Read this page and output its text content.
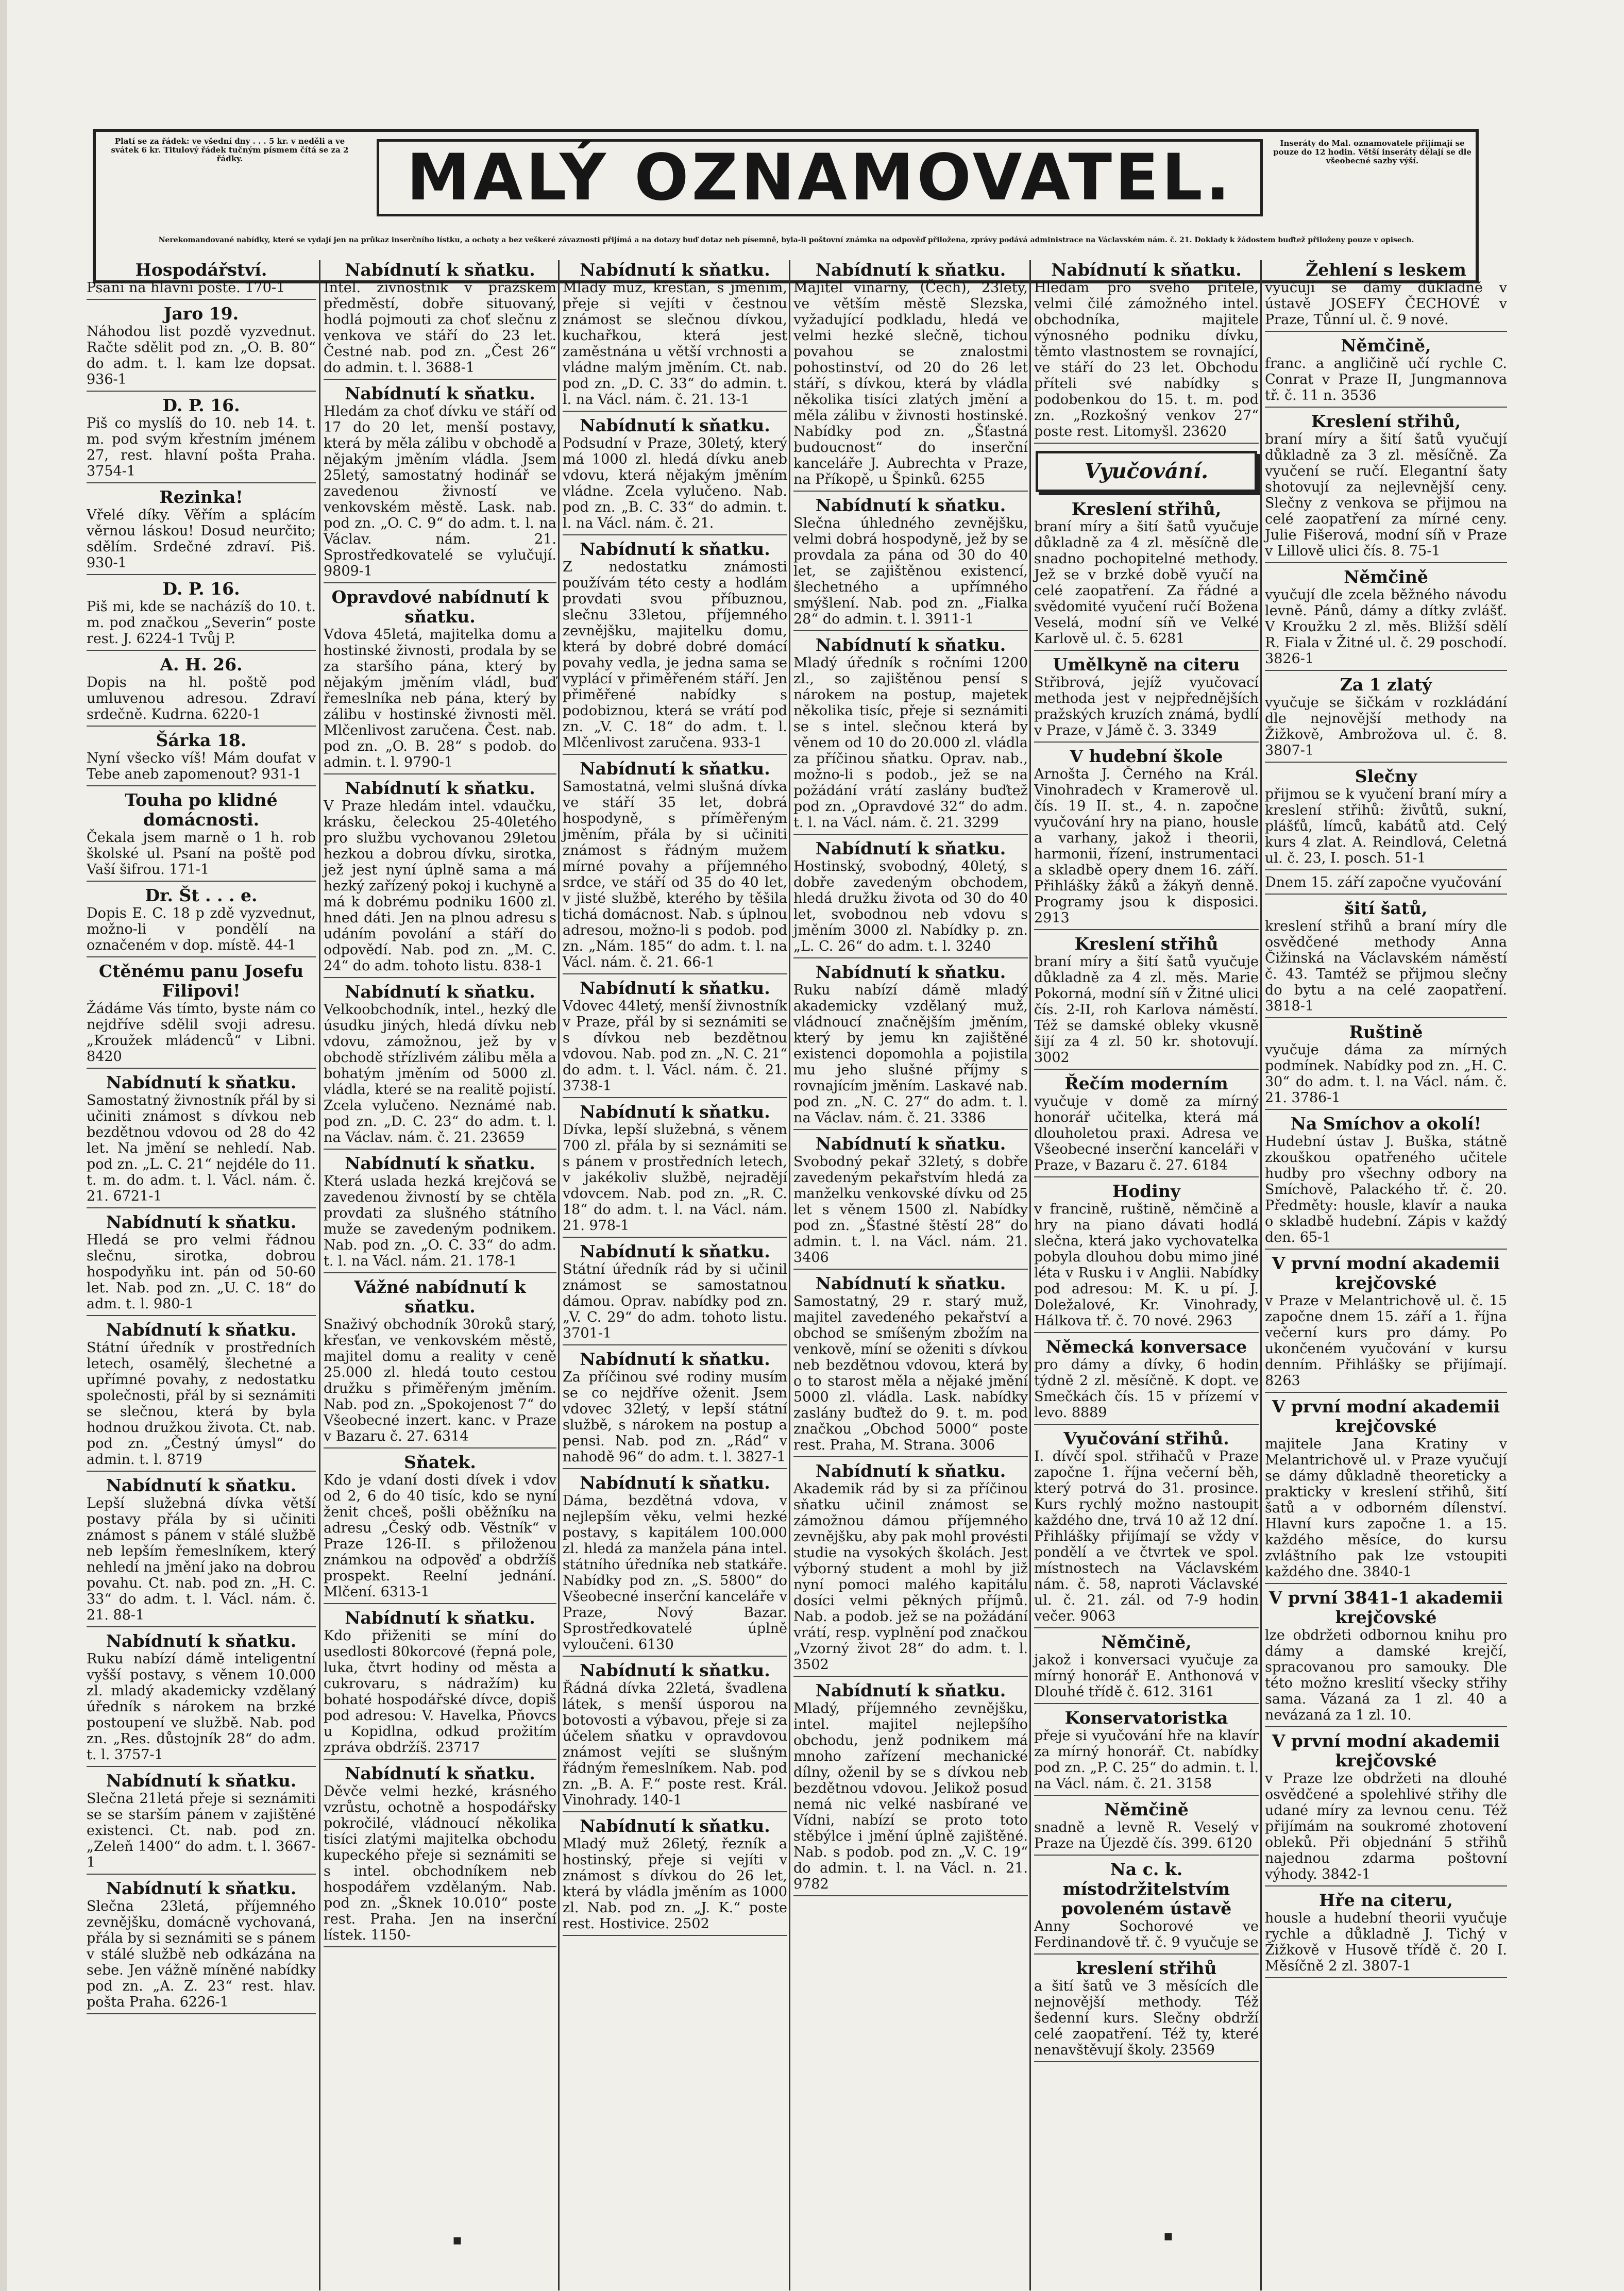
Platí se za řádek: ve všední dny . . . 5 kr. v neděli a ve svátek 6 kr. Titulový řádek tučným písmem čítá se za 2 řádky.	MALÝ OZNAMOVATEL.	Inseráty do Mal. oznamovatele přijímají se pouze do 12 hodin. Větší inseráty dělají se dle všeobecné sazby výší.
Nerekomandované nabídky, které se vydají jen na průkaz inserčního lístku, a ochoty a bez veškeré závaznosti přijímá a na dotazy buď dotaz neb písemně, byla-li poštovní známka na odpověď přiložena, zprávy podává administrace na Václavském nám. č. 21. Doklady k žádostem buďtež přiloženy pouze v opisech.
Hospodářství.
Psaní na hlavní poště. 170-1
Jaro 19.
Náhodou list pozdě vyzvednut. Račte sdělit pod zn. „O. B. 80“ do adm. t. l. kam lze dopsat. 936-1
D. P. 16.
Piš co myslíš do 10. neb 14. t. m. pod svým křestním jménem 27, rest. hlavní pošta Praha. 3754-1
Rezinka!
Vřelé díky. Věřím a splácím věrnou láskou! Dosud neurčito; sdělím. Srdečné zdraví. Piš. 930-1
D. P. 16.
Piš mi, kde se nacházíš do 10. t. m. pod značkou „Severin“ poste rest. J. 6224-1 Tvůj P.
A. H. 26.
Dopis na hl. poště pod umluvenou adresou. Zdraví srdečně. Kudrna. 6220-1
Šárka 18.
Nyní všecko víš! Mám doufat v Tebe aneb zapomenout? 931-1
Touha po klidné domácnosti.
Čekala jsem marně o 1 h. rob školské ul. Psaní na poště pod Vaší šifrou. 171-1
Dr. Št . . . e.
Dopis E. C. 18 p zdě vyzvednut, možno-li v pondělí na označeném v dop. místě. 44-1
Ctěnému panu Josefu Filipovi!
Žádáme Vás tímto, byste nám co nejdříve sdělil svoji adresu. „Kroužek mládenců“ v Libni. 8420
Nabídnutí k sňatku.
Samostatný živnostník přál by si učiniti známost s dívkou neb bezdětnou vdovou od 28 do 42 let. Na jmění se nehledí. Nab. pod zn. „L. C. 21“ nejdéle do 11. t. m. do adm. t. l. Václ. nám. č. 21. 6721-1
Nabídnutí k sňatku.
Hledá se pro velmi řádnou slečnu, sirotka, dobrou hospodyňku int. pán od 50-60 let. Nab. pod zn. „U. C. 18“ do adm. t. l. 980-1
Nabídnutí k sňatku.
Státní úředník v prostředních letech, osamělý, šlechetné a upřímné povahy, z nedostatku společnosti, přál by si seznámiti se slečnou, která by byla hodnou družkou života. Ct. nab. pod zn. „Čestný úmysl“ do admin. t. l. 8719
Nabídnutí k sňatku.
Lepší služebná dívka větší postavy přála by si učiniti známost s pánem v stálé službě neb lepším řemeslníkem, který nehledí na jmění jako na dobrou povahu. Ct. nab. pod zn. „H. C. 33“ do adm. t. l. Václ. nám. č. 21. 88-1
Nabídnutí k sňatku.
Ruku nabízí dámě inteligentní vyšší postavy, s věnem 10.000 zl. mladý akademicky vzdělaný úředník s nárokem na brzké postoupení ve službě. Nab. pod zn. „Res. důstojník 28“ do adm. t. l. 3757-1
Nabídnutí k sňatku.
Slečna 21letá přeje si seznámiti se se starším pánem v zajištěné existenci. Ct. nab. pod zn. „Zeleň 1400“ do adm. t. l. 3667-1
Nabídnutí k sňatku.
Slečna 23letá, příjemného zevnějšku, domácně vychovaná, přála by si seznámiti se s pánem v stálé službě neb odkázána na sebe. Jen vážně míněné nabídky pod zn. „A. Z. 23“ rest. hlav. pošta Praha. 6226-1
Nabídnutí k sňatku.
Intel. živnostník v pražském předměstí, dobře situovaný, hodlá pojmouti za choť slečnu z venkova ve stáří do 23 let. Čestné nab. pod zn. „Čest 26“ do admin. t. l. 3688-1
Nabídnutí k sňatku.
Hledám za choť dívku ve stáří od 17 do 20 let, menší postavy, která by měla zálibu v obchodě a nějakým jměním vládla. Jsem 25letý, samostatný hodinář se zavedenou živností ve venkovském městě. Lask. nab. pod zn. „O. C. 9“ do adm. t. l. na Václav. nám. 21. Sprostředkovatelé se vylučují. 9809-1
Opravdové nabídnutí k sňatku.
Vdova 45letá, majitelka domu a hostinské živnosti, prodala by se za staršího pána, který by nějakým jměním vládl, buď řemeslníka neb pána, který by zálibu v hostinské živnosti měl. Mlčenlivost zaručena. Čest. nab. pod zn. „O. B. 28“ s podob. do admin. t. l. 9790-1
Nabídnutí k sňatku.
V Praze hledám intel. vdaučku, krásku, čeleckou 25-40letého pro službu vychovanou 29letou hezkou a dobrou dívku, sirotka, jež jest nyní úplně sama a má hezký zařízený pokoj i kuchyně a má k dobrému podniku 1600 zl. hned dáti. Jen na plnou adresu s udáním povolání a stáří do odpovědí. Nab. pod zn. „M. C. 24“ do adm. tohoto listu. 838-1
Nabídnutí k sňatku.
Velkoobchodník, intel., hezký dle úsudku jiných, hledá dívku neb vdovu, zámožnou, jež by v obchodě střízlivém zálibu měla a bohatým jměním od 5000 zl. vládla, které se na realitě pojistí. Zcela vylučeno. Neznámé nab. pod zn. „D. C. 23“ do adm. t. l. na Václav. nám. č. 21. 23659
Nabídnutí k sňatku.
Která uslada hezká krejčová se zavedenou živností by se chtěla provdati za slušného státního muže se zavedeným podnikem. Nab. pod zn. „O. C. 33“ do adm. t. l. na Václ. nám. 21. 178-1
Vážné nabídnutí k sňatku.
Snaživý obchodník 30roků starý, křesťan, ve venkovském městě, majitel domu a reality v ceně 25.000 zl. hledá touto cestou družku s přiměřeným jměním. Nab. pod zn. „Spokojenost 7“ do Všeobecné inzert. kanc. v Praze v Bazaru č. 27. 6314
Sňatek.
Kdo je vdaní dosti dívek i vdov od 2, 6 do 40 tisíc, kdo se nyní ženit chceš, pošli oběžníku na adresu „Český odb. Věstník“ v Praze 126-II. s přiloženou známkou na odpověď a obdržíš prospekt. Reelní jednání. Mlčení. 6313-1
Nabídnutí k sňatku.
Kdo přiženiti se míní do usedlosti 80korcové (řepná pole, luka, čtvrt hodiny od města a cukrovaru, s nádražím) ku bohaté hospodářské dívce, dopiš pod adresou: V. Havelka, Pňovcs u Kopidlna, odkud prožitím zpráva obdržíš. 23717
Nabídnutí k sňatku.
Děvče velmi hezké, krásného vzrůstu, ochotně a hospodářsky pokročilé, vládnoucí několika tisíci zlatými majitelka obchodu kupeckého přeje si seznámiti se s intel. obchodníkem neb hospodářem vzdělaným. Nab. pod zn. „Šknek 10.010“ poste rest. Praha. Jen na inserční lístek. 1150-
Nabídnutí k sňatku.
Mladý muž, křesťan, s jměním, přeje si vejíti v čestnou známost se slečnou dívkou, kuchařkou, která jest zaměstnána u větší vrchnosti a vládne malým jměním. Ct. nab. pod zn. „D. C. 33“ do admin. t. l. na Václ. nám. č. 21. 13-1
Nabídnutí k sňatku.
Podsudní v Praze, 30letý, který má 1000 zl. hledá dívku aneb vdovu, která nějakým jměním vládne. Zcela vylučeno. Nab. pod zn. „B. C. 33“ do admin. t. l. na Václ. nám. č. 21.
Nabídnutí k sňatku.
Z nedostatku známosti používám této cesty a hodlám provdati svou příbuznou, slečnu 33letou, příjemného zevnějšku, majitelku domu, která by dobré dobré domácí povahy vedla, je jedna sama se vyplácí v přiměřeném stáří. Jen přiměřené nabídky s podobiznou, která se vrátí pod zn. „V. C. 18“ do adm. t. l. Mlčenlivost zaručena. 933-1
Nabídnutí k sňatku.
Samostatná, velmi slušná dívka ve stáří 35 let, dobrá hospodyně, s příměřeným jměním, přála by si učiniti známost s řádným mužem mírné povahy a příjemného srdce, ve stáří od 35 do 40 let, v jisté službě, kterého by těšila tichá domácnost. Nab. s úplnou adresou, možno-li s podob. pod zn. „Nám. 185“ do adm. t. l. na Václ. nám. č. 21. 66-1
Nabídnutí k sňatku.
Vdovec 44letý, menší živnostník v Praze, přál by si seznámiti se s dívkou neb bezdětnou vdovou. Nab. pod zn. „N. C. 21“ do adm. t. l. Václ. nám. č. 21. 3738-1
Nabídnutí k sňatku.
Dívka, lepší služebná, s věnem 700 zl. přála by si seznámiti se s pánem v prostředních letech, v jakékoliv službě, nejradějí vdovcem. Nab. pod zn. „R. C. 18“ do adm. t. l. na Václ. nám. 21. 978-1
Nabídnutí k sňatku.
Státní úředník rád by si učinil známost se samostatnou dámou. Oprav. nabídky pod zn. „V. C. 29“ do adm. tohoto listu. 3701-1
Nabídnutí k sňatku.
Za příčinou své rodiny musím se co nejdříve oženit. Jsem vdovec 32letý, v lepší státní službě, s nárokem na postup a pensi. Nab. pod zn. „Rád“ v nahodě 96“ do adm. t. l. 3827-1
Nabídnutí k sňatku.
Dáma, bezdětná vdova, v nejlepším věku, velmi hezké postavy, s kapitálem 100.000 zl. hledá za manžela pána intel. státního úředníka neb statkáře. Nabídky pod zn. „S. 5800“ do Všeobecné inserční kanceláře v Praze, Nový Bazar. Sprostředkovatelé úplně vyloučeni. 6130
Nabídnutí k sňatku.
Řádná dívka 22letá, švadlena látek, s menší úsporou na botovosti a výbavou, přeje si za účelem sňatku v opravdovou známost vejíti se slušným řádným řemeslníkem. Nab. pod zn. „B. A. F.“ poste rest. Král. Vinohrady. 140-1
Nabídnutí k sňatku.
Mladý muž 26letý, řezník a hostinský, přeje si vejíti v známost s dívkou do 26 let, která by vládla jměním as 1000 zl. Nab. pod zn. „J. K.“ poste rest. Hostivice. 2502
Nabídnutí k sňatku.
Majitel vinárny, (Čech), 23letý, ve větším městě Slezska, vyžadující podkladu, hledá ve velmi hezké slečně, tichou povahou se znalostmi pohostinství, od 20 do 26 let stáří, s dívkou, která by vládla několika tisíci zlatých jmění a měla zálibu v živnosti hostinské. Nabídky pod zn. „Šťastná budoucnost“ do inserční kanceláře J. Aubrechta v Praze, na Příkopě, u Špinků. 6255
Nabídnutí k sňatku.
Slečna úhledného zevnějšku, velmi dobrá hospodyně, jež by se provdala za pána od 30 do 40 let, se zajištěnou existencí, šlechetného a upřímného smýšlení. Nab. pod zn. „Fialka 28“ do admin. t. l. 3911-1
Nabídnutí k sňatku.
Mladý úředník s ročními 1200 zl., so zajištěnou pensí s nárokem na postup, majetek několika tisíc, přeje si seznámiti se s intel. slečnou která by věnem od 10 do 20.000 zl. vládla za příčinou sňatku. Oprav. nab., možno-li s podob., jež se na požádání vrátí zaslány buďtež pod zn. „Opravdové 32“ do adm. t. l. na Václ. nám. č. 21. 3299
Nabídnutí k sňatku.
Hostinský, svobodný, 40letý, s dobře zavedeným obchodem, hledá družku života od 30 do 40 let, svobodnou neb vdovu s jměním 3000 zl. Nabídky p. zn. „L. C. 26“ do adm. t. l. 3240
Nabídnutí k sňatku.
Ruku nabízí dámě mladý akademicky vzdělaný muž, vládnoucí značnějším jměním, který by jemu kn zajištěné existenci dopomohla a pojistila mu jeho slušné příjmy s rovnajícím jměním. Laskavé nab. pod zn. „N. C. 27“ do adm. t. l. na Václav. nám. č. 21. 3386
Nabídnutí k sňatku.
Svobodný pekař 32letý, s dobře zavedeným pekařstvím hledá za manželku venkovské dívku od 25 let s věnem 1500 zl. Nabídky pod zn. „Šťastné štěstí 28“ do admin. t. l. na Václ. nám. 21. 3406
Nabídnutí k sňatku.
Samostatný, 29 r. starý muž, majitel zavedeného pekařství a obchod se smíšeným zbožím na venkově, míní se oženiti s dívkou neb bezdětnou vdovou, která by o to starost měla a nějaké jmění 5000 zl. vládla. Lask. nabídky zaslány buďtež do 9. t. m. pod značkou „Obchod 5000“ poste rest. Praha, M. Strana. 3006
Nabídnutí k sňatku.
Akademik rád by si za příčinou sňatku učinil známost se zámožnou dámou příjemného zevnějšku, aby pak mohl provésti studie na vysokých školách. Jest výborný student a mohl by již nyní pomoci malého kapitálu dosíci velmi pěkných příjmů. Nab. a podob. jež se na požádání vrátí, resp. vyplnění pod značkou „Vzorný život 28“ do adm. t. l. 3502
Nabídnutí k sňatku.
Mladý, příjemného zevnějšku, intel. majitel nejlepšího obchodu, jenž podnikem má mnoho zařízení mechanické dílny, oženil by se s dívkou neb bezdětnou vdovou. Jelikož posud nemá nic velké nasbírané ve Vídni, nabízí se proto toto stěbýlce i jmění úplně zajištěné. Nab. s podob. pod zn. „V. C. 19“ do admin. t. l. na Václ. n. 21. 9782
Nabídnutí k sňatku.
Hledám pro svého přítele, velmi čilé zámožného intel. obchodníka, majitele výnosného podniku dívku, těmto vlastnostem se rovnající, ve stáří do 23 let. Obchodu příteli své nabídky s podobenkou do 15. t. m. pod zn. „Rozkošný venkov 27“ poste rest. Litomyšl. 23620
Vyučování.
Kreslení střihů,
braní míry a šití šatů vyučuje důkladně za 4 zl. měsíčně dle snadno pochopitelné methody. Jež se v brzké době vyučí na celé zaopatření. Za řádné a svědomité vyučení ručí Božena Veselá, modní síň ve Velké Karlově ul. č. 5. 6281
Umělkyně na citeru
Střibrová, jejíž vyučovací methoda jest v nejpřednějších pražských kruzích známá, bydlí v Praze, v Jámě č. 3. 3349
V hudební škole
Arnošta J. Černého na Král. Vinohradech v Kramerově ul. čís. 19 II. st., 4. n. započne vyučování hry na piano, housle a varhany, jakož i theorii, harmonii, řízení, instrumentaci a skladbě opery dnem 16. září. Přihlášky žáků a žákyň denně. Programy jsou k disposici. 2913
Kreslení střihů
braní míry a šití šatů vyučuje důkladně za 4 zl. měs. Marie Pokorná, modní síň v Žitné ulici čís. 2-II, roh Karlova náměstí. Též se damské obleky vkusně šijí za 4 zl. 50 kr. shotovují. 3002
Řečím moderním
vyučuje v domě za mírný honorář učitelka, která má dlouholetou praxi. Adresa ve Všeobecné inserční kanceláři v Praze, v Bazaru č. 27. 6184
Hodiny
v francině, ruštině, němčině a hry na piano dávati hodlá slečna, která jako vychovatelka pobyla dlouhou dobu mimo jiné léta v Rusku i v Anglii. Nabídky pod adresou: M. K. u pí. J. Doležalové, Kr. Vinohrady, Hálkova tř. č. 70 nové. 2963
Německá konversace
pro dámy a dívky, 6 hodin týdně 2 zl. měsíčně. K dopt. ve Smečkách čís. 15 v přízemí v levo. 8889
Vyučování střihů.
I. dívčí spol. střihačů v Praze započne 1. října večerní běh, který potrvá do 31. prosince. Kurs rychlý možno nastoupit každého dne, trvá 10 až 12 dní. Přihlášky přijímají se vždy v pondělí a ve čtvrtek ve spol. místnostech na Václavském nám. č. 58, naproti Václavské ul. č. 21. zál. od 7-9 hodin večer. 9063
Němčině,
jakož i konversaci vyučuje za mírný honorář E. Anthonová v Dlouhé třídě č. 612. 3161
Konservatoristka
přeje si vyučování hře na klavír za mírný honorář. Ct. nabídky pod zn. „P. C. 25“ do admin. t. l. na Václ. nám. č. 21. 3158
Němčině
snadně a levně R. Veselý v Praze na Újezdě čís. 399. 6120
Na c. k. místodržitelstvím povoleném ústavě
Anny Sochorové ve Ferdinandově tř. č. 9 vyučuje se
kreslení střihů
a šití šatů ve 3 měsících dle nejnovější methody. Též šedenní kurs. Slečny obdrží celé zaopatření. Též ty, které nenavštěvují školy. 23569
Žehlení s leskem
vyučují se dámy důkladně v ústavě JOSEFY ČECHOVÉ v Praze, Tůnní ul. č. 9 nové.
Němčině,
franc. a angličině učí rychle C. Conrat v Praze II, Jungmannova tř. č. 11 n. 3536
Kreslení střihů,
braní míry a šití šatů vyučují důkladně za 3 zl. měsíčně. Za vyučení se ručí. Elegantní šaty shotovují za nejlevnější ceny. Slečny z venkova se přijmou na celé zaopatření za mírné ceny. Julie Fišerová, modní síň v Praze v Lillově ulici čís. 8. 75-1
Němčině
vyučují dle zcela běžného návodu levně. Pánů, dámy a dítky zvlášť. V Kroužku 2 zl. měs. Bližší sdělí R. Fiala v Žitné ul. č. 29 poschodí. 3826-1
Za 1 zlatý
vyučuje se šičkám v rozkládání dle nejnovější methody na Žižkově, Ambrožova ul. č. 8. 3807-1
Slečny
přijmou se k vyučení braní míry a kreslení střihů: živůtů, sukní, plášťů, límců, kabátů atd. Celý kurs 4 zlat. A. Reindlová, Celetná ul. č. 23, I. posch. 51-1
Dnem 15. září započne vyučování
šití šatů,
kreslení střihů a braní míry dle osvědčené methody Anna Čižinská na Václavském náměstí č. 43. Tamtéž se přijmou slečny do bytu a na celé zaopatření. 3818-1
Ruštině
vyučuje dáma za mírných podmínek. Nabídky pod zn. „H. C. 30“ do adm. t. l. na Václ. nám. č. 21. 3786-1
Na Smíchov a okolí!
Hudební ústav J. Buška, státně zkouškou opatřeného učitele hudby pro všechny odbory na Smíchově, Palackého tř. č. 20. Předměty: housle, klavír a nauka o skladbě hudební. Zápis v každý den. 65-1
V první modní akademii krejčovské
v Praze v Melantrichově ul. č. 15 započne dnem 15. září a 1. října večerní kurs pro dámy. Po ukončeném vyučování v kursu denním. Přihlášky se přijímají. 8263
V první modní akademii krejčovské
majitele Jana Kratiny v Melantrichově ul. v Praze vyučují se dámy důkladně theoreticky a prakticky v kreslení střihů, šití šatů a v odborném dílenství. Hlavní kurs započne 1. a 15. každého měsíce, do kursu zvláštního pak lze vstoupiti každého dne. 3840-1
V první 3841-1 akademii krejčovské
lze obdržeti odbornou knihu pro dámy a damské krejčí, spracovanou pro samouky. Dle této možno kreslití všecky střihy sama. Vázaná za 1 zl. 40 a nevázaná za 1 zl. 10.
V první modní akademii krejčovské
v Praze lze obdržeti na dlouhé osvědčené a spolehlivé střihy dle udané míry za levnou cenu. Též přijímám na soukromé zhotovení obleků. Při objednání 5 střihů najednou zdarma poštovní výhody. 3842-1
Hře na citeru,
housle a hudební theorii vyučuje rychle a důkladně J. Tichý v Žižkově v Husově třídě č. 20 I. Měsíčně 2 zl. 3807-1
▪	▪
